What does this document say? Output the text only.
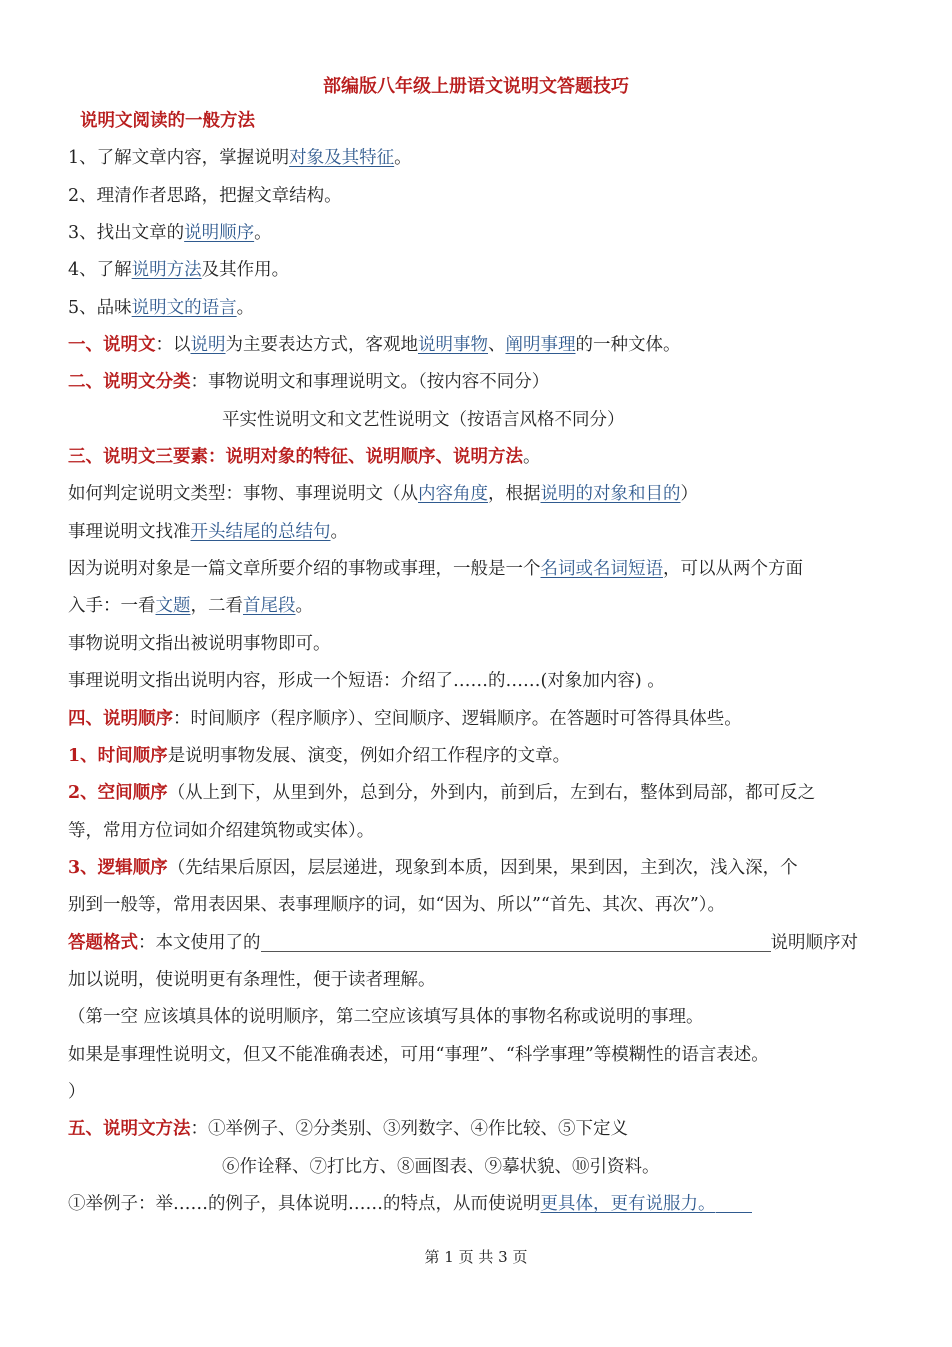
部编版八年级上册语文说明文答题技巧
说明文阅读的一般方法
1、了解文章内容，掌握说明对象及其特征。
2、理清作者思路，把握文章结构。
3、找出文章的说明顺序。
4、了解说明方法及其作用。
5、品味说明文的语言。
一、说明文：以说明为主要表达方式，客观地说明事物、阐明事理的一种文体。
二、说明文分类：事物说明文和事理说明文。（按内容不同分）
平实性说明文和文艺性说明文（按语言风格不同分）
三、说明文三要素：说明对象的特征、说明顺序、说明方法。
如何判定说明文类型：事物、事理说明文（从内容角度，根据说明的对象和目的）
事理说明文找准开头结尾的总结句。
因为说明对象是一篇文章所要介绍的事物或事理，一般是一个名词或名词短语，可以从两个方面
入手：一看文题，二看首尾段。
事物说明文指出被说明事物即可。
事理说明文指出说明内容，形成一个短语：介绍了……的……(对象加内容) 。
四、说明顺序：时间顺序（程序顺序）、空间顺序、逻辑顺序。在答题时可答得具体些。
1、时间顺序是说明事物发展、演变，例如介绍工作程序的文章。
2、空间顺序（从上到下，从里到外，总到分，外到内，前到后，左到右，整体到局部，都可反之
等，常用方位词如介绍建筑物或实体）。
3、逻辑顺序（先结果后原因，层层递进，现象到本质，因到果，果到因，主到次，浅入深，个
别到一般等，常用表因果、表事理顺序的词，如“因为、所以”“首先、其次、再次”）。
答题格式：本文使用了的	说明顺序对
加以说明，使说明更有条理性，便于读者理解。
（第一空 应该填具体的说明顺序，第二空应该填写具体的事物名称或说明的事理。
如果是事理性说明文，但又不能准确表述，可用“事理”、“科学事理”等模糊性的语言表述。
）
五、说明文方法：①举例子、②分类别、③列数字、④作比较、⑤下定义
⑥作诠释、⑦打比方、⑧画图表、⑨摹状貌、⑩引资料。
①举例子：举……的例子，具体说明……的特点，从而使说明更具体，更有说服力。
第 1 页 共 3 页
